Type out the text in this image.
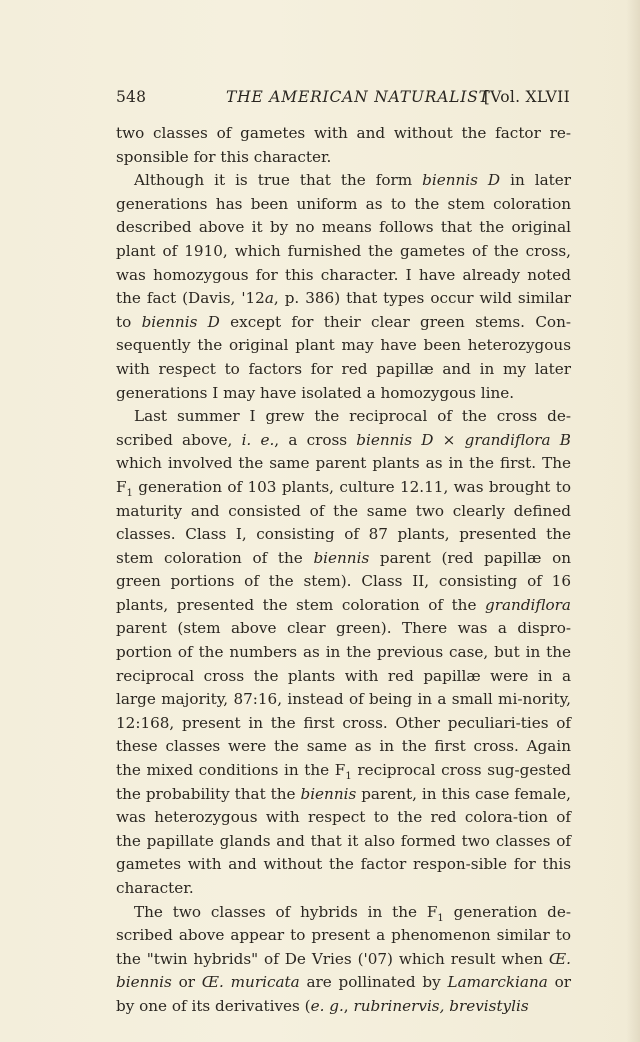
548	THE AMERICAN NATURALIST
[Vol. XLVII

two classes of gametes with and without the factor re-sponsible for this character.

Although it is true that the form biennis D in later generations has been uniform as to the stem coloration described above it by no means follows that the original plant of 1910, which furnished the gametes of the cross, was homozygous for this character. I have already noted the fact (Davis, '12a, p. 386) that types occur wild similar to biennis D except for their clear green stems. Con-sequently the original plant may have been heterozygous with respect to factors for red papillæ and in my later generations I may have isolated a homozygous line.

Last summer I grew the reciprocal of the cross de-scribed above, i. e., a cross biennis D × grandiflora B which involved the same parent plants as in the first. The $F_1$ generation of 103 plants, culture 12.11, was brought to maturity and consisted of the same two clearly defined classes. Class I, consisting of 87 plants, presented the stem coloration of the biennis parent (red papillæ on green portions of the stem). Class II, consisting of 16 plants, presented the stem coloration of the grandiflora parent (stem above clear green). There was a dispro-portion of the numbers as in the previous case, but in the reciprocal cross the plants with red papillæ were in a large majority, 87:16, instead of being in a small mi-nority, 12:168, present in the first cross. Other peculiari-ties of these classes were the same as in the first cross. Again the mixed conditions in the $F_1$ reciprocal cross sug-gested the probability that the biennis parent, in this case female, was heterozygous with respect to the red colora-tion of the papillate glands and that it also formed two classes of gametes with and without the factor respon-sible for this character.

The two classes of hybrids in the $F_1$ generation de-scribed above appear to present a phenomenon similar to the "twin hybrids" of De Vries ('07) which result when Œ. biennis or Œ. muricata are pollinated by Lamarckiana or by one of its derivatives (e. g., rubrinervis, brevistylis
